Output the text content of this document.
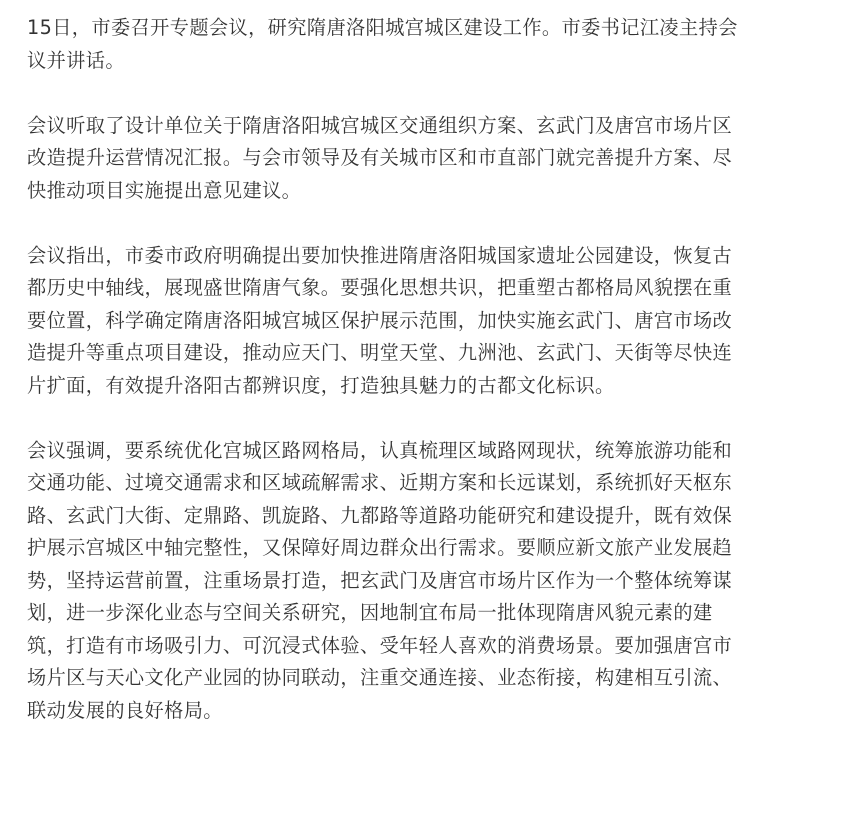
15日，市委召开专题会议，研究隋唐洛阳城宫城区建设工作。市委书记江凌主持会
议并讲话。
会议听取了设计单位关于隋唐洛阳城宫城区交通组织方案、玄武门及唐宫市场片区
改造提升运营情况汇报。与会市领导及有关城市区和市直部门就完善提升方案、尽
快推动项目实施提出意见建议。
会议指出，市委市政府明确提出要加快推进隋唐洛阳城国家遗址公园建设，恢复古
都历史中轴线，展现盛世隋唐气象。要强化思想共识，把重塑古都格局风貌摆在重
要位置，科学确定隋唐洛阳城宫城区保护展示范围，加快实施玄武门、唐宫市场改
造提升等重点项目建设，推动应天门、明堂天堂、九洲池、玄武门、天街等尽快连
片扩面，有效提升洛阳古都辨识度，打造独具魅力的古都文化标识。
会议强调，要系统优化宫城区路网格局，认真梳理区域路网现状，统筹旅游功能和
交通功能、过境交通需求和区域疏解需求、近期方案和长远谋划，系统抓好天枢东
路、玄武门大街、定鼎路、凯旋路、九都路等道路功能研究和建设提升，既有效保
护展示宫城区中轴完整性，又保障好周边群众出行需求。要顺应新文旅产业发展趋
势，坚持运营前置，注重场景打造，把玄武门及唐宫市场片区作为一个整体统筹谋
划，进一步深化业态与空间关系研究，因地制宜布局一批体现隋唐风貌元素的建
筑，打造有市场吸引力、可沉浸式体验、受年轻人喜欢的消费场景。要加强唐宫市
场片区与天心文化产业园的协同联动，注重交通连接、业态衔接，构建相互引流、
联动发展的良好格局。
